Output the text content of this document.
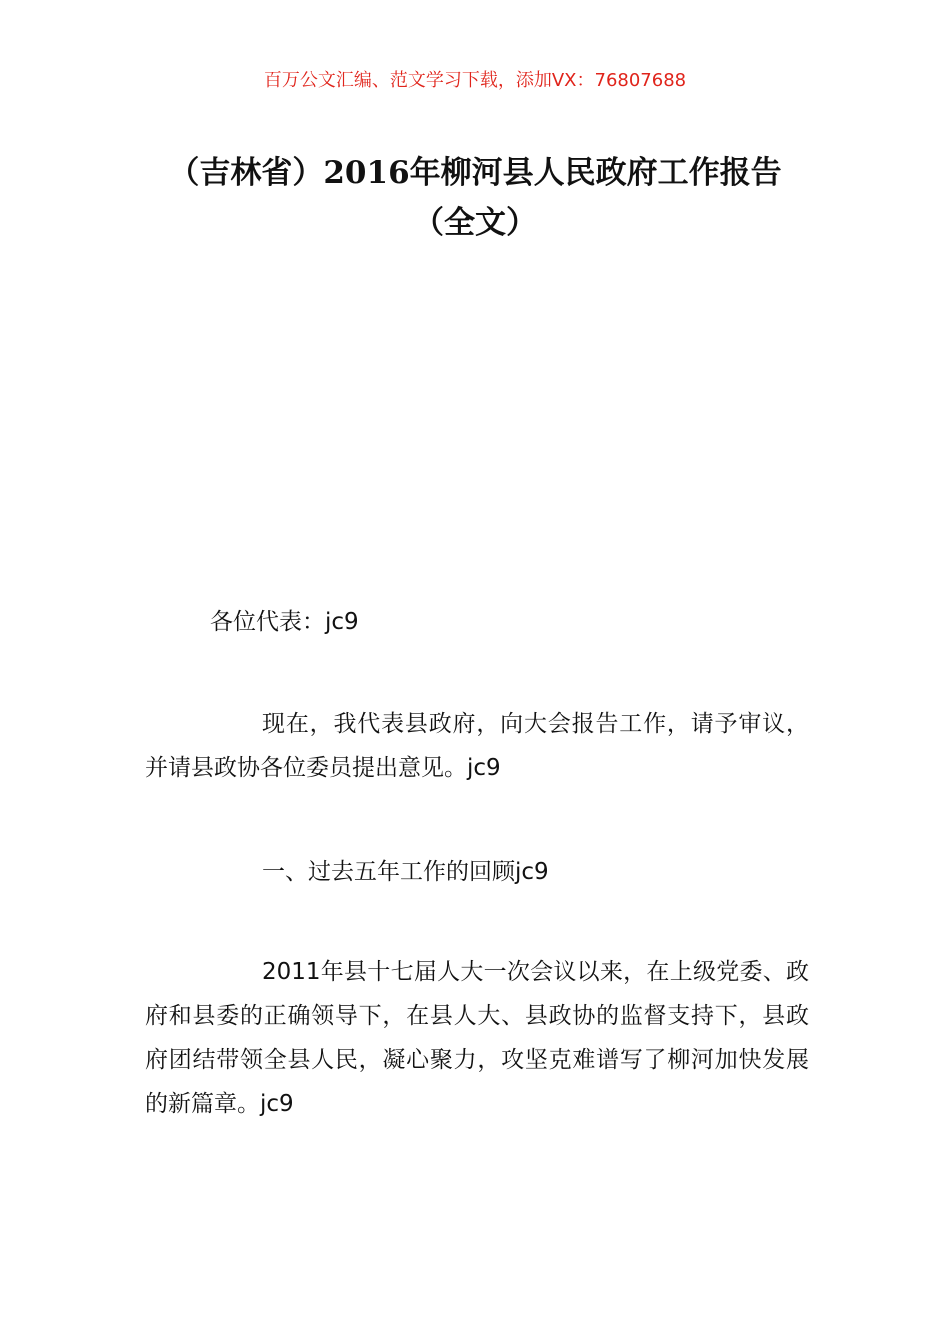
百万公文汇编、范文学习下载，添加VX：76807688
（吉林省）2016年柳河县人民政府工作报告（全文）

各位代表：jc9

现在，我代表县政府，向大会报告工作，请予审议，并请县政协各位委员提出意见。jc9

一、过去五年工作的回顾jc9

2011年县十七届人大一次会议以来，在上级党委、政府和县委的正确领导下，在县人大、县政协的监督支持下，县政府团结带领全县人民，凝心聚力，攻坚克难谱写了柳河加快发展的新篇章。jc9
